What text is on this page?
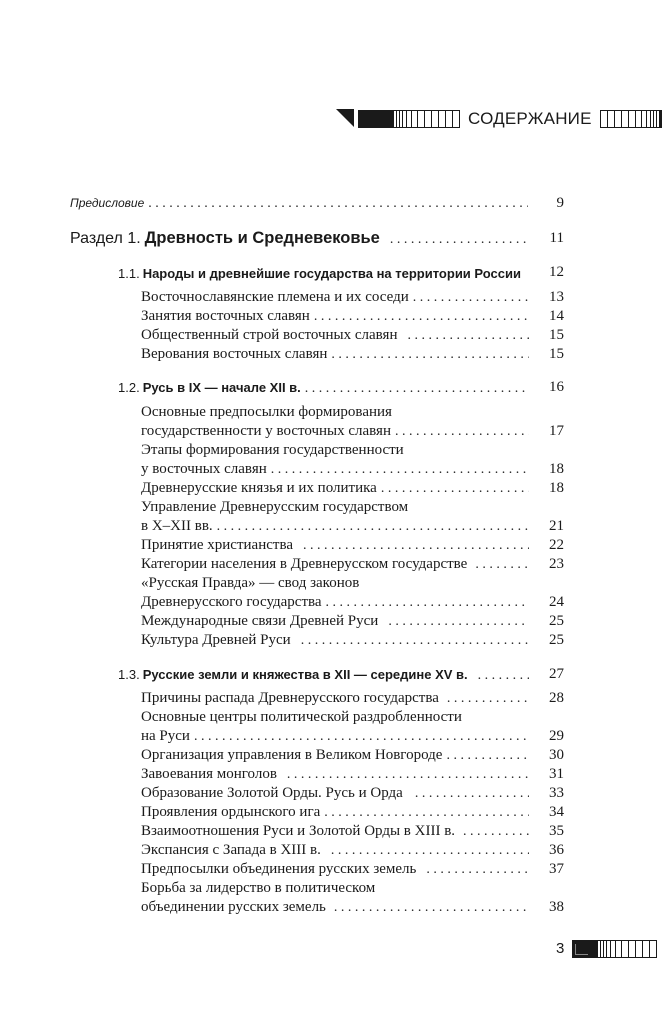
СОДЕРЖАНИЕ
Предисловие . . .	9
Раздел 1. Древность и Средневековье . . .	11
1.1. Народы и древнейшие государства на территории России 12
Восточнославянские племена и их соседи . . .	13
Занятия восточных славян . . .	14
Общественный строй восточных славян . . .	15
Верования восточных славян . . .	15
1.2. Русь в IX — начале XII в. . . .	16
Основные предпосылки формирования
государственности у восточных славян . . .	17
Этапы формирования государственности
у восточных славян . . .	18
Древнерусские князья и их политика . . .	18
Управление Древнерусским государством
в X–XII вв. . . .	21
Принятие христианства . . .	22
Категории населения в Древнерусском государстве . . .	23
«Русская Правда» — свод законов
Древнерусского государства . . .	24
Международные связи Древней Руси . . .	25
Культура Древней Руси . . .	25
1.3. Русские земли и княжества в XII — середине XV в. . . .	27
Причины распада Древнерусского государства . . .	28
Основные центры политической раздробленности
на Руси . . .	29
Организация управления в Великом Новгороде . . .	30
Завоевания монголов . . .	31
Образование Золотой Орды. Русь и Орда . . .	33
Проявления ордынского ига . . .	34
Взаимоотношения Руси и Золотой Орды в XIII в. . . .	35
Экспансия с Запада в XIII в. . . .	36
Предпосылки объединения русских земель . . .	37
Борьба за лидерство в политическом
объединении русских земель . . .	38
3
